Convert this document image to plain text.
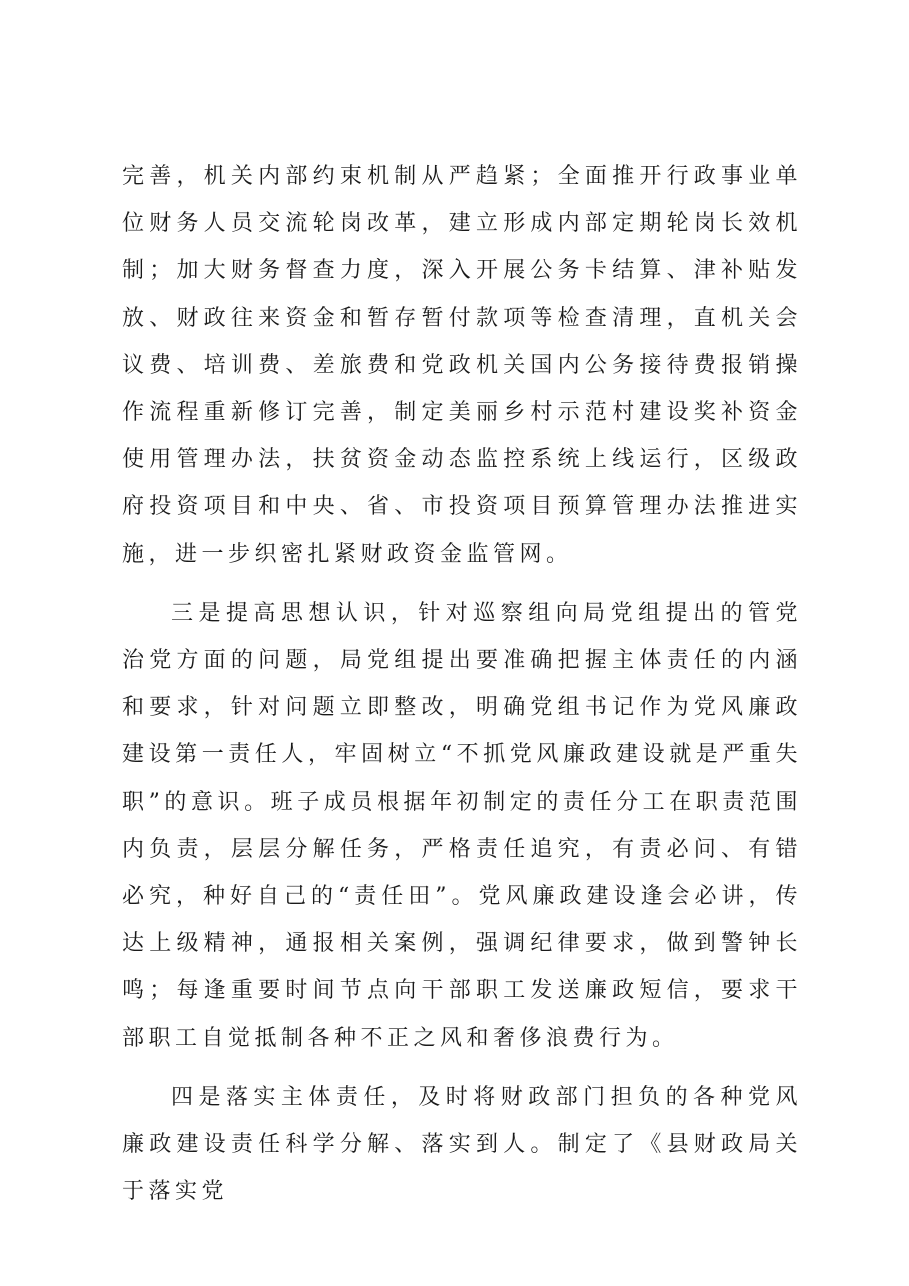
完善，机关内部约束机制从严趋紧；全面推开行政事业单位财务人员交流轮岗改革，建立形成内部定期轮岗长效机制；加大财务督查力度，深入开展公务卡结算、津补贴发放、财政往来资金和暂存暂付款项等检查清理，直机关会议费、培训费、差旅费和党政机关国内公务接待费报销操作流程重新修订完善，制定美丽乡村示范村建设奖补资金使用管理办法，扶贫资金动态监控系统上线运行，区级政府投资项目和中央、省、市投资项目预算管理办法推进实施，进一步织密扎紧财政资金监管网。

三是提高思想认识，针对巡察组向局党组提出的管党治党方面的问题，局党组提出要准确把握主体责任的内涵和要求，针对问题立即整改，明确党组书记作为党风廉政建设第一责任人，牢固树立“不抓党风廉政建设就是严重失职”的意识。班子成员根据年初制定的责任分工在职责范围内负责，层层分解任务，严格责任追究，有责必问、有错必究，种好自己的“责任田”。党风廉政建设逢会必讲，传达上级精神，通报相关案例，强调纪律要求，做到警钟长鸣；每逢重要时间节点向干部职工发送廉政短信，要求干部职工自觉抵制各种不正之风和奢侈浪费行为。

四是落实主体责任，及时将财政部门担负的各种党风廉政建设责任科学分解、落实到人。制定了《县财政局关于落实党
